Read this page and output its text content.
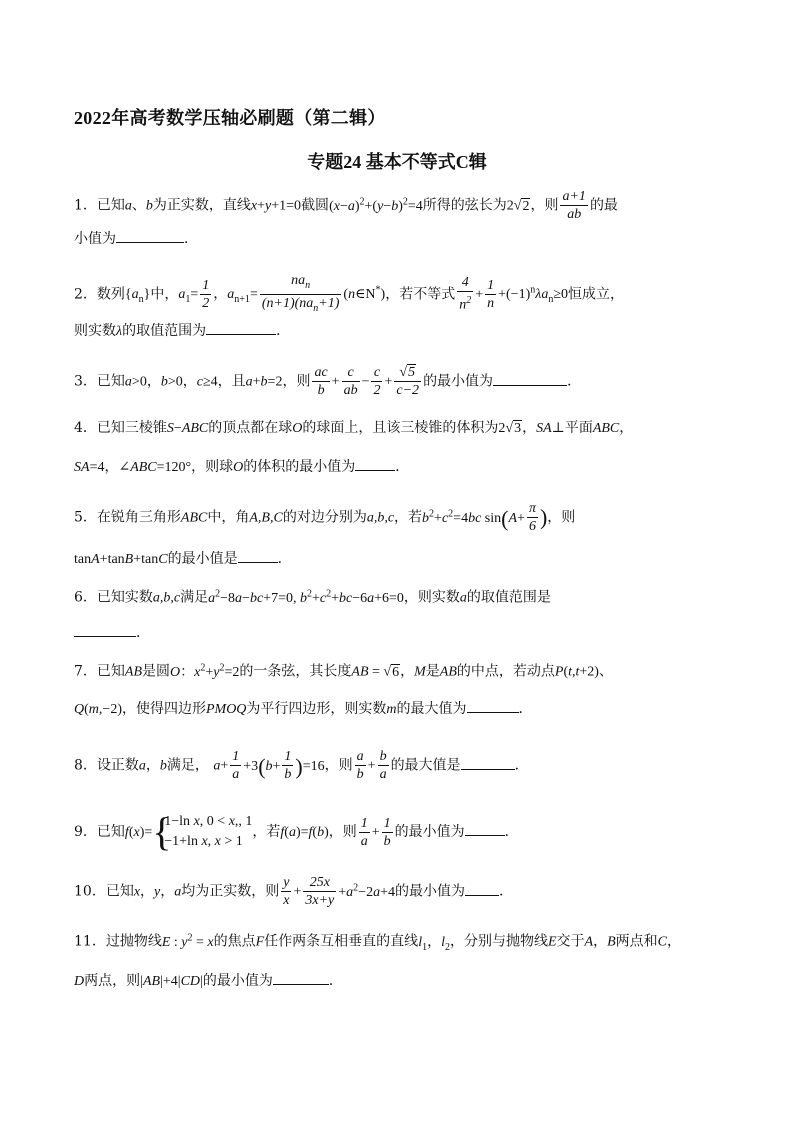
2022年高考数学压轴必刷题（第二辑）
专题24 基本不等式C辑
1．已知a、b为正实数，直线x+y+1=0截圆$(x-a)^2+(y-b)^2=4$所得的弦长为2√2，则 $\frac{a+1}{ab}$ 的最
小值为	．
2．数列$\{a_n\}$中，$a_1= \frac{1}{2}$ ，$a_{n+1}= \frac{na_n}{(n+1)(na_n+1)}$ (n∈N*)，若不等式 $\frac{4}{n^2} + \frac{1}{n} +(-1)^n\lambda a_n\ge 0$恒成立，
则实数λ的取值范围为	．
3．已知a>0，b>0，c≥4，且a+b=2，则 $\frac{ac}{b} + \frac{c}{ab} - \frac{c}{2} + \frac{√5}{c-2}$ 的最小值为	．
4．已知三棱锥S−ABC的顶点都在球O的球面上，且该三棱锥的体积为2√3，SA⊥平面ABC，
SA=4，∠ABC=120°，则球O的体积的最小值为	．
5．在锐角三角形ABC中，角A,B,C的对边分别为a,b,c，若$b^2+c^2=4bc$ $\sin(A+ \frac{\pi}{6}$ )，则
tanA+tanB+tanC的最小值是	．
6．已知实数a,b,c满足$a^2-8a-bc+7=0$, $b^2+c^2+bc-6a+6=0$，则实数a的取值范围是
．
7．已知AB是圆O：$x^2+y^2=2$的一条弦，其长度AB = √6，M是AB的中点，若动点P(t,t+2)、
Q(m,−2)，使得四边形PMOQ为平行四边形，则实数m的最大值为	．
8．设正数a，b满足， $a+ \frac{1}{a} +3(b+ \frac{1}{b} )=16$，则 $\frac{a}{b} + \frac{b}{a}$ 的最大值是	．
9．已知f(x)= {
1−ln x, 0 < x,, 1
−1+ln x, x > 1
，若f(a)=f(b)，则 $\frac{1}{a} + \frac{1}{b}$ 的最小值为	．
10．已知x，y，a均为正实数，则 $\frac{y}{x} + \frac{25x}{3x+y} +a^2-2a+4$的最小值为 ．
11．过抛物线E : $y^2 = x$的焦点F任作两条互相垂直的直线$l_1$，$l_2$，分别与抛物线E交于A，B两点和C，
D两点，则|AB|+4|CD|的最小值为	．
